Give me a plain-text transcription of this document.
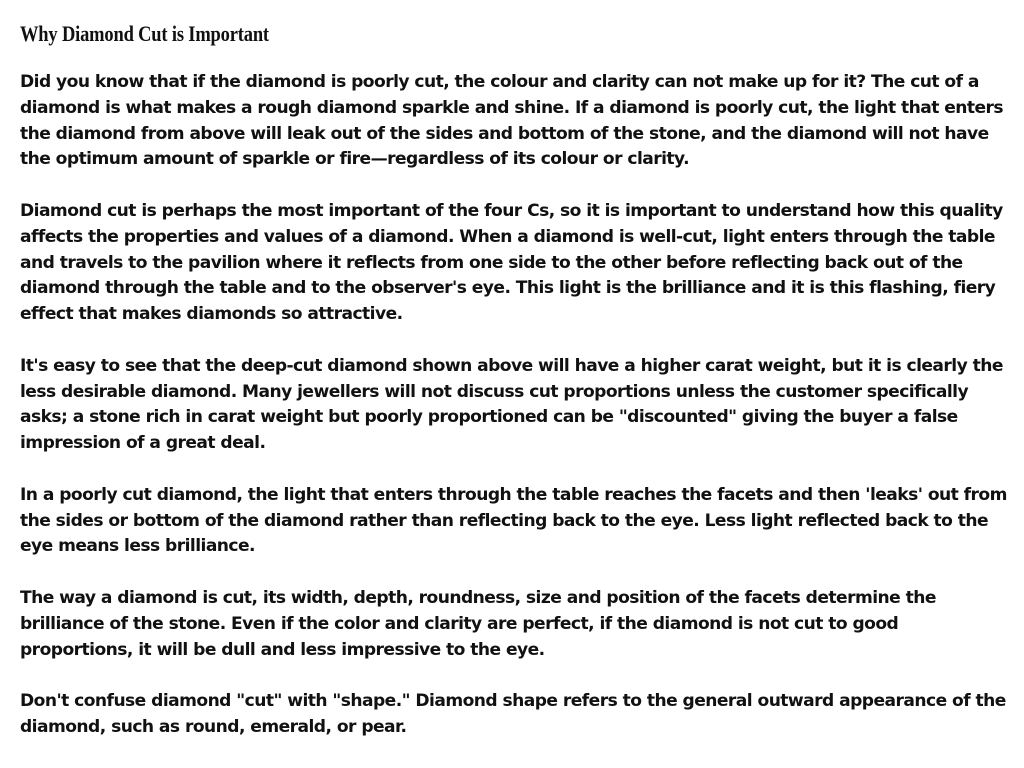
Why Diamond Cut is Important

Did you know that if the diamond is poorly cut, the colour and clarity can not make up for it? The cut of a diamond is what makes a rough diamond sparkle and shine. If a diamond is poorly cut, the light that enters the diamond from above will leak out of the sides and bottom of the stone, and the diamond will not have the optimum amount of sparkle or fire—regardless of its colour or clarity.

Diamond cut is perhaps the most important of the four Cs, so it is important to understand how this quality affects the properties and values of a diamond. When a diamond is well-cut, light enters through the table and travels to the pavilion where it reflects from one side to the other before reflecting back out of the diamond through the table and to the observer's eye. This light is the brilliance and it is this flashing, fiery effect that makes diamonds so attractive.

It's easy to see that the deep-cut diamond shown above will have a higher carat weight, but it is clearly the less desirable diamond. Many jewellers will not discuss cut proportions unless the customer specifically asks; a stone rich in carat weight but poorly proportioned can be "discounted" giving the buyer a false impression of a great deal.

In a poorly cut diamond, the light that enters through the table reaches the facets and then 'leaks' out from the sides or bottom of the diamond rather than reflecting back to the eye. Less light reflected back to the eye means less brilliance.

The way a diamond is cut, its width, depth, roundness, size and position of the facets determine the brilliance of the stone. Even if the color and clarity are perfect, if the diamond is not cut to good proportions, it will be dull and less impressive to the eye.

Don't confuse diamond "cut" with "shape." Diamond shape refers to the general outward appearance of the diamond, such as round, emerald, or pear.
